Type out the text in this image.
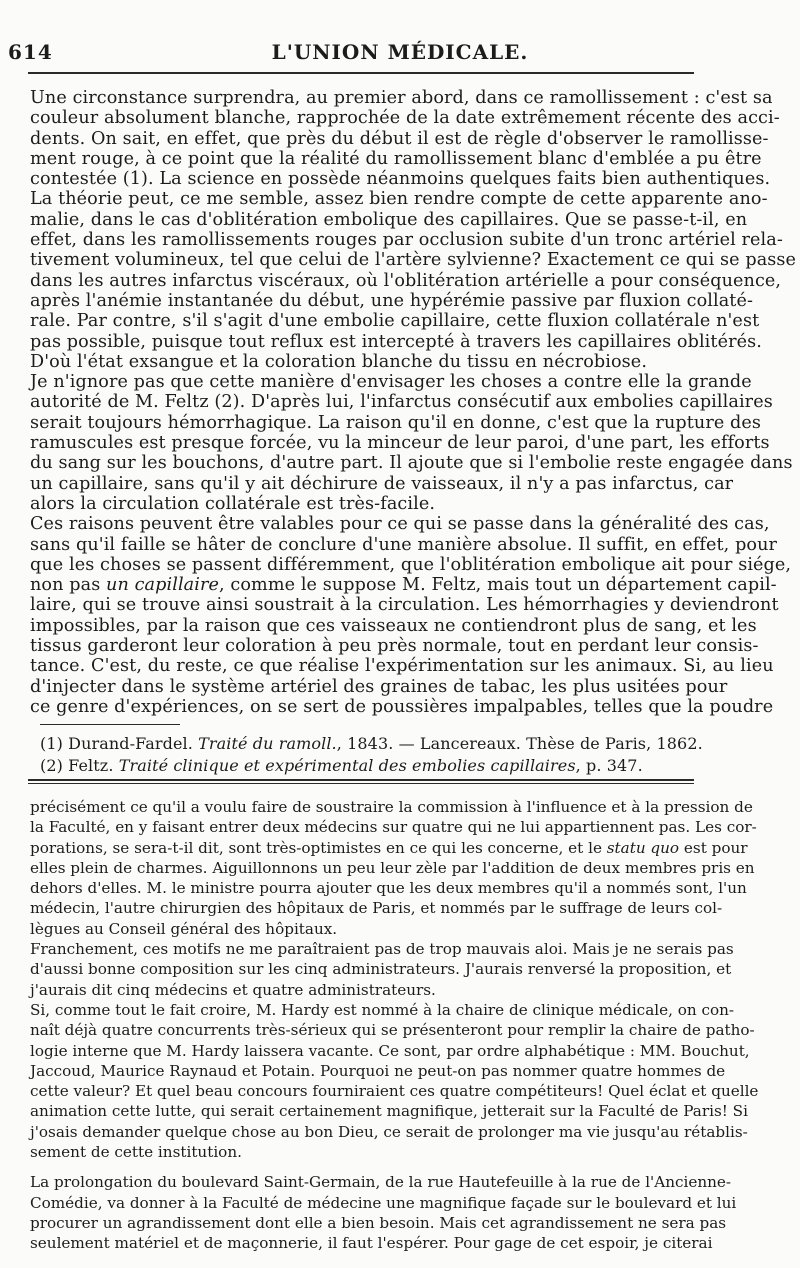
614	L'UNION MÉDICALE.
Une circonstance surprendra, au premier abord, dans ce ramollissement : c'est sa
couleur absolument blanche, rapprochée de la date extrêmement récente des acci-
dents. On sait, en effet, que près du début il est de règle d'observer le ramollisse-
ment rouge, à ce point que la réalité du ramollissement blanc d'emblée a pu être
contestée (1). La science en possède néanmoins quelques faits bien authentiques.
La théorie peut, ce me semble, assez bien rendre compte de cette apparente ano-
malie, dans le cas d'oblitération embolique des capillaires. Que se passe-t-il, en
effet, dans les ramollissements rouges par occlusion subite d'un tronc artériel rela-
tivement volumineux, tel que celui de l'artère sylvienne? Exactement ce qui se passe
dans les autres infarctus viscéraux, où l'oblitération artérielle a pour conséquence,
après l'anémie instantanée du début, une hypérémie passive par fluxion collaté-
rale. Par contre, s'il s'agit d'une embolie capillaire, cette fluxion collatérale n'est
pas possible, puisque tout reflux est intercepté à travers les capillaires oblitérés.
D'où l'état exsangue et la coloration blanche du tissu en nécrobiose.
Je n'ignore pas que cette manière d'envisager les choses a contre elle la grande
autorité de M. Feltz (2). D'après lui, l'infarctus consécutif aux embolies capillaires
serait toujours hémorrhagique. La raison qu'il en donne, c'est que la rupture des
ramuscules est presque forcée, vu la minceur de leur paroi, d'une part, les efforts
du sang sur les bouchons, d'autre part. Il ajoute que si l'embolie reste engagée dans
un capillaire, sans qu'il y ait déchirure de vaisseaux, il n'y a pas infarctus, car
alors la circulation collatérale est très-facile.
Ces raisons peuvent être valables pour ce qui se passe dans la généralité des cas,
sans qu'il faille se hâter de conclure d'une manière absolue. Il suffit, en effet, pour
que les choses se passent différemment, que l'oblitération embolique ait pour siége,
non pas un capillaire, comme le suppose M. Feltz, mais tout un département capil-
laire, qui se trouve ainsi soustrait à la circulation. Les hémorrhagies y deviendront
impossibles, par la raison que ces vaisseaux ne contiendront plus de sang, et les
tissus garderont leur coloration à peu près normale, tout en perdant leur consis-
tance. C'est, du reste, ce que réalise l'expérimentation sur les animaux. Si, au lieu
d'injecter dans le système artériel des graines de tabac, les plus usitées pour
ce genre d'expériences, on se sert de poussières impalpables, telles que la poudre
(1) Durand-Fardel. Traité du ramoll., 1843. — Lancereaux. Thèse de Paris, 1862.
(2) Feltz. Traité clinique et expérimental des embolies capillaires, p. 347.
précisément ce qu'il a voulu faire de soustraire la commission à l'influence et à la pression de
la Faculté, en y faisant entrer deux médecins sur quatre qui ne lui appartiennent pas. Les cor-
porations, se sera-t-il dit, sont très-optimistes en ce qui les concerne, et le statu quo est pour
elles plein de charmes. Aiguillonnons un peu leur zèle par l'addition de deux membres pris en
dehors d'elles. M. le ministre pourra ajouter que les deux membres qu'il a nommés sont, l'un
médecin, l'autre chirurgien des hôpitaux de Paris, et nommés par le suffrage de leurs col-
lègues au Conseil général des hôpitaux.
Franchement, ces motifs ne me paraîtraient pas de trop mauvais aloi. Mais je ne serais pas
d'aussi bonne composition sur les cinq administrateurs. J'aurais renversé la proposition, et
j'aurais dit cinq médecins et quatre administrateurs.
Si, comme tout le fait croire, M. Hardy est nommé à la chaire de clinique médicale, on con-
naît déjà quatre concurrents très-sérieux qui se présenteront pour remplir la chaire de patho-
logie interne que M. Hardy laissera vacante. Ce sont, par ordre alphabétique : MM. Bouchut,
Jaccoud, Maurice Raynaud et Potain. Pourquoi ne peut-on pas nommer quatre hommes de
cette valeur? Et quel beau concours fourniraient ces quatre compétiteurs! Quel éclat et quelle
animation cette lutte, qui serait certainement magnifique, jetterait sur la Faculté de Paris! Si
j'osais demander quelque chose au bon Dieu, ce serait de prolonger ma vie jusqu'au rétablis-
sement de cette institution.
La prolongation du boulevard Saint-Germain, de la rue Hautefeuille à la rue de l'Ancienne-
Comédie, va donner à la Faculté de médecine une magnifique façade sur le boulevard et lui
procurer un agrandissement dont elle a bien besoin. Mais cet agrandissement ne sera pas
seulement matériel et de maçonnerie, il faut l'espérer. Pour gage de cet espoir, je citerai
